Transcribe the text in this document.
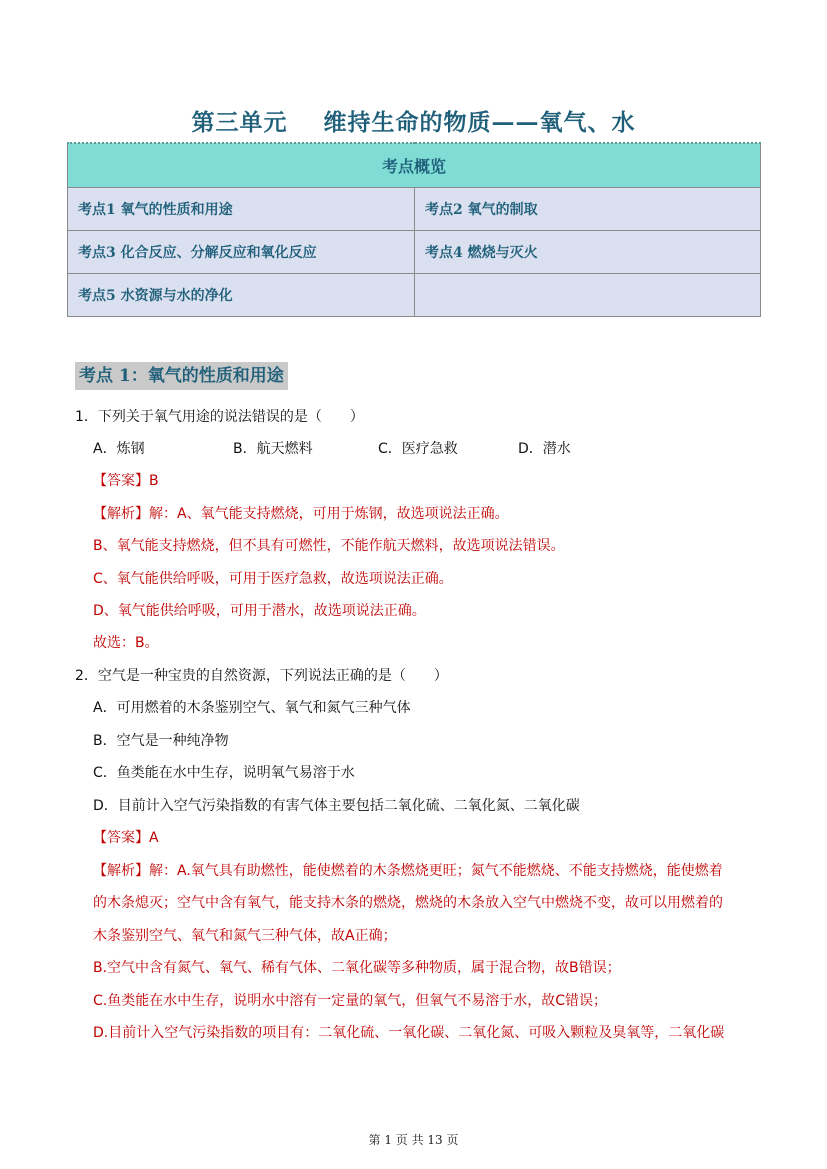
第三单元 维持生命的物质——氧气、水
考点概览	
考点1 氧气的性质和用途	考点2 氧气的制取
考点3 化合反应、分解反应和氧化反应	考点4 燃烧与灭火
考点5 水资源与水的净化	
考点 1：氧气的性质和用途
1．下列关于氧气用途的说法错误的是（　　）
A．炼钢	B．航天燃料	C．医疗急救	D．潜水
【答案】B
【解析】解：A、氧气能支持燃烧，可用于炼钢，故选项说法正确。
B、氧气能支持燃烧，但不具有可燃性，不能作航天燃料，故选项说法错误。
C、氧气能供给呼吸，可用于医疗急救，故选项说法正确。
D、氧气能供给呼吸，可用于潜水，故选项说法正确。
故选：B。
2．空气是一种宝贵的自然资源，下列说法正确的是（　　）
A．可用燃着的木条鉴别空气、氧气和氮气三种气体
B．空气是一种纯净物
C．鱼类能在水中生存，说明氧气易溶于水
D．目前计入空气污染指数的有害气体主要包括二氧化硫、二氧化氮、二氧化碳
【答案】A
【解析】解：A.氧气具有助燃性，能使燃着的木条燃烧更旺；氮气不能燃烧、不能支持燃烧，能使燃着
的木条熄灭；空气中含有氧气，能支持木条的燃烧，燃烧的木条放入空气中燃烧不变，故可以用燃着的
木条鉴别空气、氧气和氮气三种气体，故A正确；
B.空气中含有氮气、氧气、稀有气体、二氧化碳等多种物质，属于混合物，故B错误；
C.鱼类能在水中生存，说明水中溶有一定量的氧气，但氧气不易溶于水，故C错误；
D.目前计入空气污染指数的项目有：二氧化硫、一氧化碳、二氧化氮、可吸入颗粒及臭氧等，二氧化碳
第 1 页 共 13 页
